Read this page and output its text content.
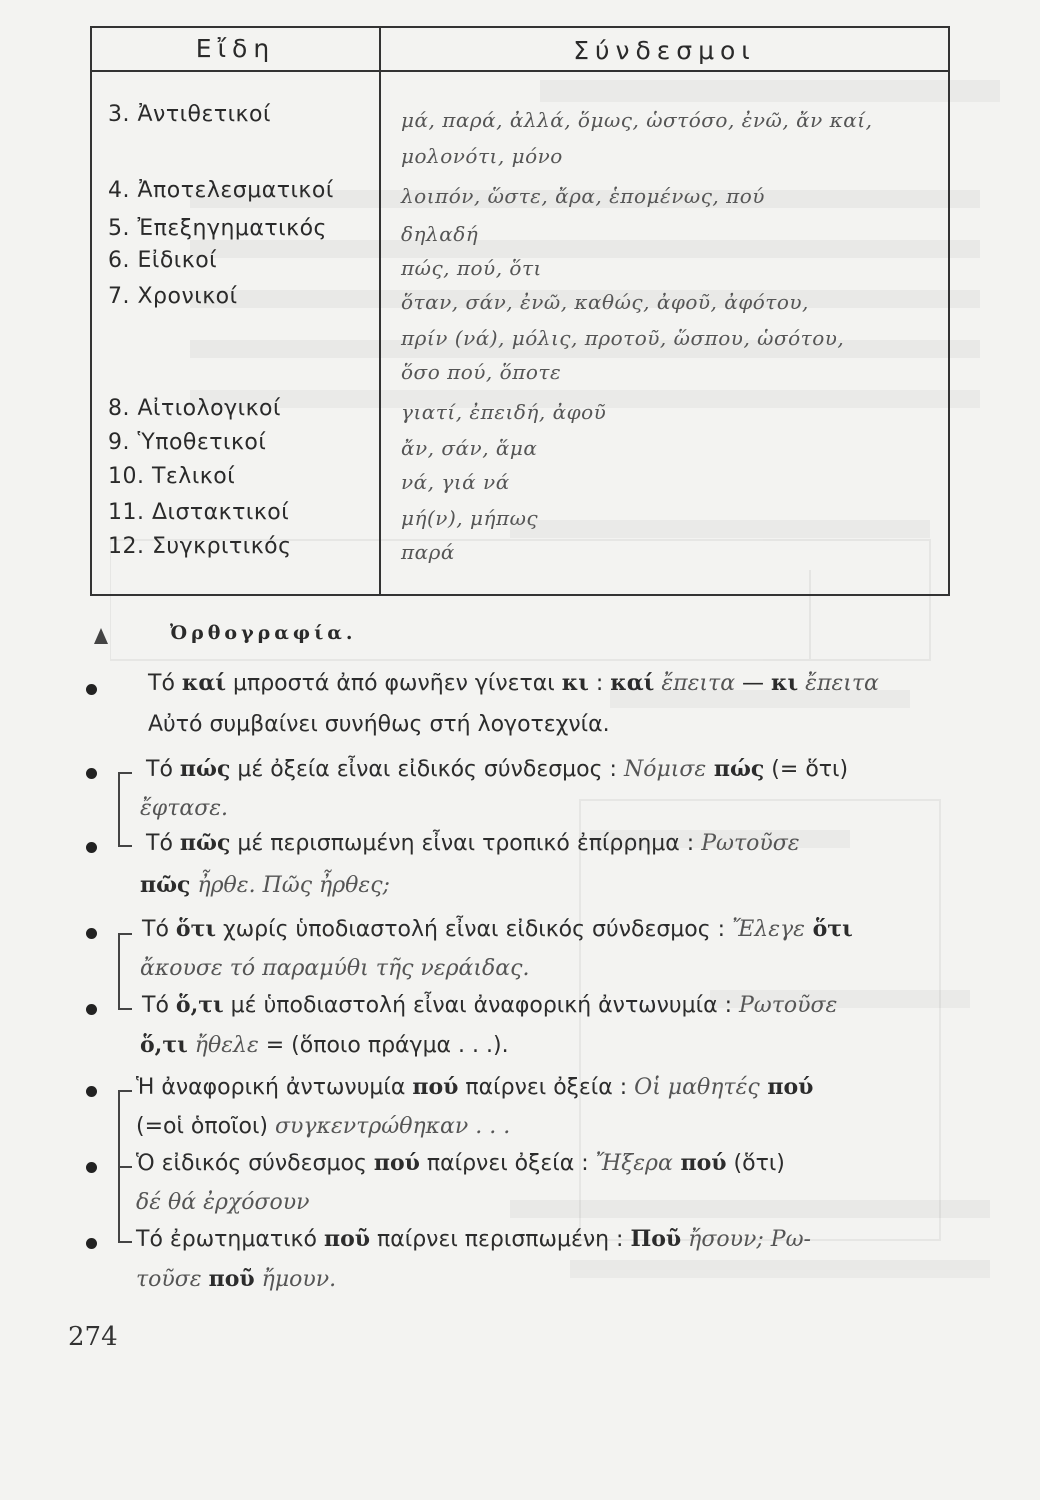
Εἴδη	Σύνδεσμοι
3. Ἀντιθετικοί	μά, παρά, ἀλλά, ὅμως, ὡστόσο, ἐνῶ, ἄν καί,
μολονότι, μόνο
4. Ἀποτελεσματικοί	λοιπόν, ὥστε, ἄρα, ἑπομένως, πού
5. Ἐπεξηγηματικός	δηλαδή
6. Εἰδικοί	πώς, πού, ὅτι
7. Χρονικοί	ὅταν, σάν, ἐνῶ, καθώς, ἀφοῦ, ἀφότου,
πρίν (νά), μόλις, προτοῦ, ὥσπου, ὡσότου,
ὅσο πού, ὅποτε
8. Αἰτιολογικοί	γιατί, ἐπειδή, ἀφοῦ
9. Ὑποθετικοί	ἄν, σάν, ἅμα
10. Τελικοί	νά, γιά νά
11. Διστακτικοί	μή(ν), μήπως
12. Συγκριτικός	παρά
Ὀρθογραφία.
Τό καί μπροστά ἀπό φωνῆεν γίνεται κι : καί ἔπειτα — κι ἔπειτα
Αὐτό συμβαίνει συνήθως στή λογοτεχνία.
Τό πώς μέ ὀξεία εἶναι εἰδικός σύνδεσμος : Νόμισε πώς (= ὅτι)
ἔφτασε.
Τό πῶς μέ περισπωμένη εἶναι τροπικό ἐπίρρημα : Ρωτοῦσε
πῶς ἦρθε. Πῶς ἦρθες;
Τό ὅτι χωρίς ὑποδιαστολή εἶναι εἰδικός σύνδεσμος : Ἔλεγε ὅτι
ἄκουσε τό παραμύθι τῆς νεράιδας.
Τό ὅ,τι μέ ὑποδιαστολή εἶναι ἀναφορική ἀντωνυμία : Ρωτοῦσε
ὅ,τι ἤθελε = (ὅποιο πράγμα . . .).
Ἡ ἀναφορική ἀντωνυμία πού παίρνει ὀξεία : Οἱ μαθητές πού
(=οἱ ὁποῖοι) συγκεντρώθηκαν . . .
Ὁ εἰδικός σύνδεσμος πού παίρνει ὀξεία : Ἤξερα πού (ὅτι)
δέ θά ἐρχόσουν
Τό ἐρωτηματικό ποῦ παίρνει περισπωμένη : Ποῦ ἤσουν; Ρω-
τοῦσε ποῦ ἤμουν.
274
